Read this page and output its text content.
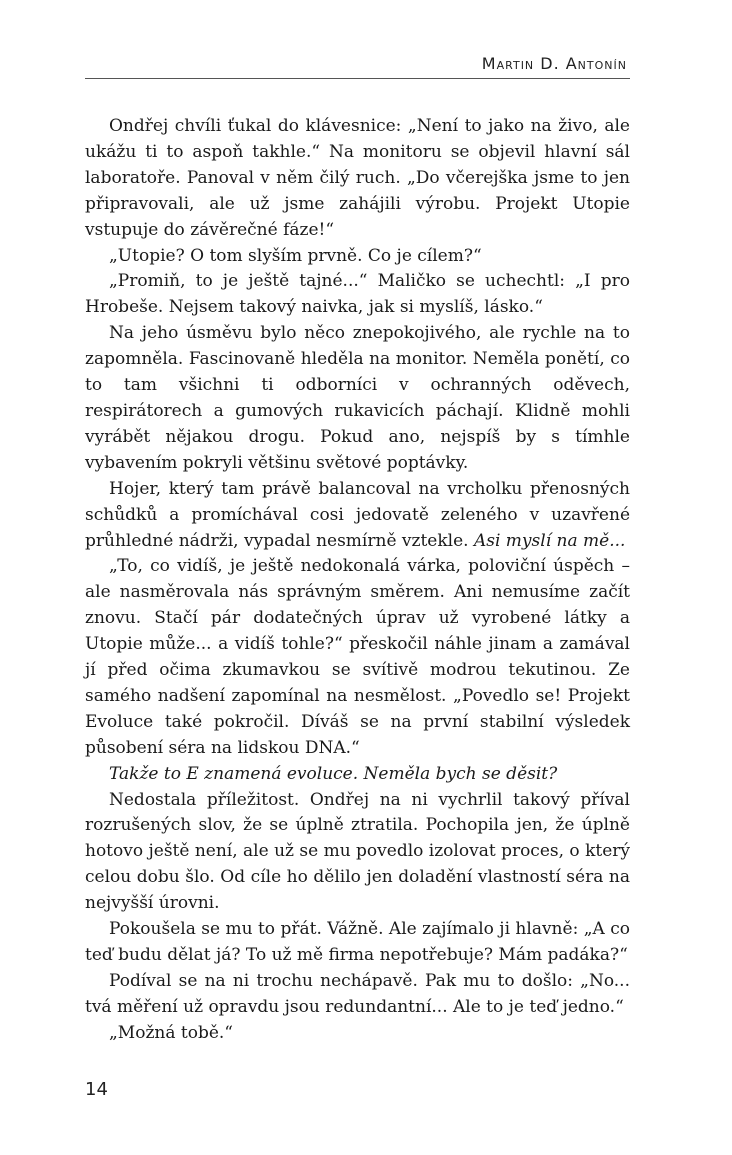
Martin D. Antonín

Ondřej chvíli ťukal do klávesnice: „Není to jako na živo, ale ukážu ti to aspoň takhle.“ Na monitoru se objevil hlavní sál laboratoře. Panoval v něm čilý ruch. „Do včerejška jsme to jen připravovali, ale už jsme zahájili výrobu. Projekt Utopie vstupuje do závěrečné fáze!“

„Utopie? O tom slyším prvně. Co je cílem?“

„Promiň, to je ještě tajné...“ Maličko se uchechtl: „I pro Hrobeše. Nejsem takový naivka, jak si myslíš, lásko.“

Na jeho úsměvu bylo něco znepokojivého, ale rychle na to zapomněla. Fascinovaně hleděla na monitor. Neměla ponětí, co to tam všichni ti odborníci v ochranných oděvech, respirátorech a gumových rukavicích páchají. Klidně mohli vyrábět nějakou drogu. Pokud ano, nejspíš by s tímhle vybavením pokryli většinu světové poptávky.

Hojer, který tam právě balancoval na vrcholku přenosných schůdků a promíchával cosi jedovatě zeleného v uzavřené průhledné nádrži, vypadal nesmírně vztekle. Asi myslí na mě...

„To, co vidíš, je ještě nedokonalá várka, poloviční úspěch – ale nasměrovala nás správným směrem. Ani nemusíme začít znovu. Stačí pár dodatečných úprav už vyrobené látky a Utopie může... a vidíš tohle?“ přeskočil náhle jinam a zamával jí před očima zkumavkou se svítivě modrou tekutinou. Ze samého nadšení zapomínal na nesmělost. „Povedlo se! Projekt Evoluce také pokročil. Díváš se na první stabilní výsledek působení séra na lidskou DNA.“

Takže to E znamená evoluce. Neměla bych se děsit?

Nedostala příležitost. Ondřej na ni vychrlil takový příval rozrušených slov, že se úplně ztratila. Pochopila jen, že úplně hotovo ještě není, ale už se mu povedlo izolovat proces, o který celou dobu šlo. Od cíle ho dělilo jen doladění vlastností séra na nejvyšší úrovni.

Pokoušela se mu to přát. Vážně. Ale zajímalo ji hlavně: „A co teď budu dělat já? To už mě firma nepotřebuje? Mám padáka?“

Podíval se na ni trochu nechápavě. Pak mu to došlo: „No... tvá měření už opravdu jsou redundantní... Ale to je teď jedno.“

„Možná tobě.“

14
